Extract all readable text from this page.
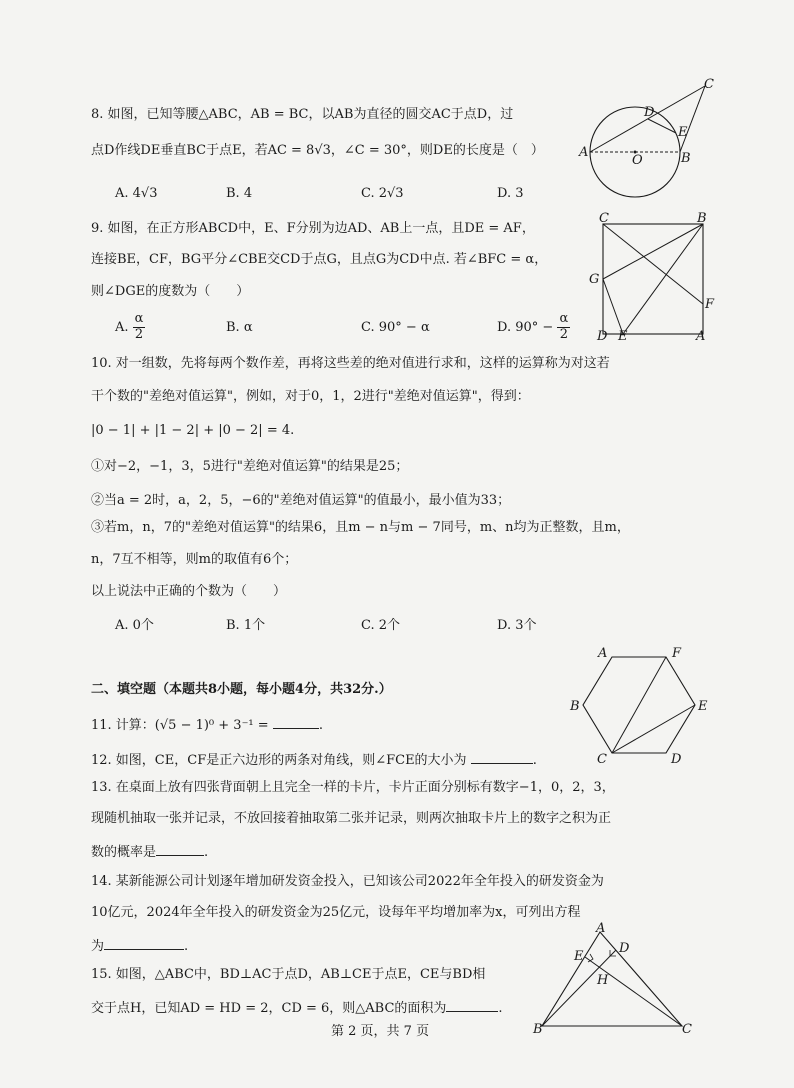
8. 如图，已知等腰△ABC，AB = BC，以AB为直径的圆交AC于点D，过
点D作线DE垂直BC于点E，若AC = 8√3，∠C = 30°，则DE的长度是（　）
A. 4√3	B. 4	C. 2√3	D. 3
A
C
D
E
O	B
9. 如图，在正方形ABCD中，E、F分别为边AD、AB上一点，且DE = AF，
连接BE，CF，BG平分∠CBE交CD于点G，且点G为CD中点. 若∠BFC = α，
则∠DGE的度数为（　　）
A. $\frac{\alpha}{2}$	B. α	C. 90° − α	D. $90^\circ - \frac{\alpha}{2}$
C	B
G
F
D E	A
10. 对一组数，先将每两个数作差，再将这些差的绝对值进行求和，这样的运算称为对这若
干个数的"差绝对值运算"，例如，对于0，1，2进行"差绝对值运算"，得到：
|0 − 1| + |1 − 2| + |0 − 2| = 4.
①对−2，−1，3，5进行"差绝对值运算"的结果是25；
②当a = 2时，a，2，5，−6的"差绝对值运算"的值最小，最小值为33；
③若m，n，7的"差绝对值运算"的结果6，且m − n与m − 7同号，m、n均为正整数，且m，
n，7互不相等，则m的取值有6个；
以上说法中正确的个数为（　　）
A. 0个	B. 1个	C. 2个	D. 3个
二、填空题（本题共8小题，每小题4分，共32分.）
11. 计算：(√5 − 1)⁰ + 3⁻¹ =	.
12. 如图，CE，CF是正六边形的两条对角线，则∠FCE的大小为	.
A	F
B	E
C	D
13. 在桌面上放有四张背面朝上且完全一样的卡片，卡片正面分别标有数字−1，0，2，3，
现随机抽取一张并记录，不放回接着抽取第二张并记录，则两次抽取卡片上的数字之积为正
数的概率是	.
14. 某新能源公司计划逐年增加研发资金投入，已知该公司2022年全年投入的研发资金为
10亿元，2024年全年投入的研发资金为25亿元，设每年平均增加率为x，可列出方程
为	.
15. 如图，△ABC中，BD⊥AC于点D，AB⊥CE于点E，CE与BD相
交于点H，已知AD = HD = 2，CD = 6，则△ABC的面积为	.
A
D
E
H
B	C
第 2 页，共 7 页
